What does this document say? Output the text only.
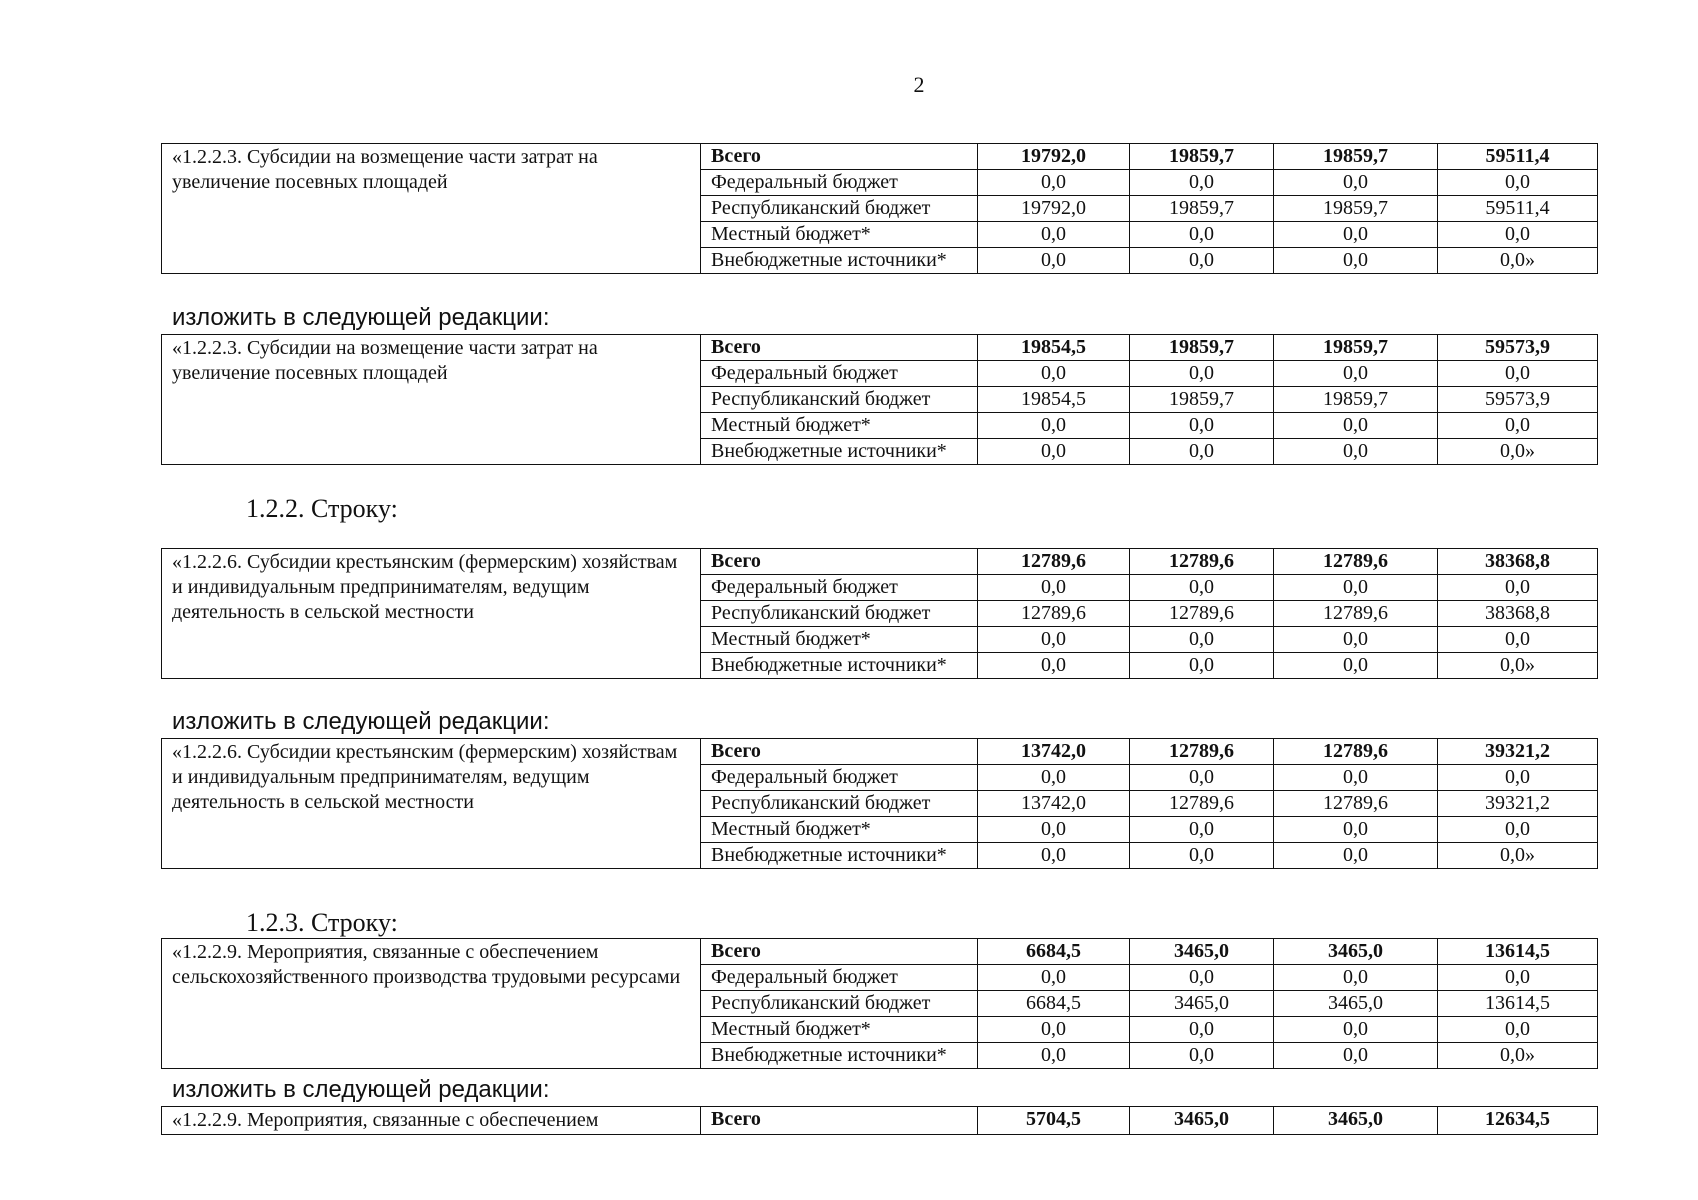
2
«1.2.2.3. Субсидии на возмещение части затрат на увеличение посевных площадей	Всего	19792,0	19859,7	19859,7	59511,4
	Федеральный бюджет	0,0	0,0	0,0	0,0
	Республиканский бюджет	19792,0	19859,7	19859,7	59511,4
	Местный бюджет*	0,0	0,0	0,0	0,0
	Внебюджетные источники*	0,0	0,0	0,0	0,0»
изложить в следующей редакции:
«1.2.2.3. Субсидии на возмещение части затрат на увеличение посевных площадей	Всего	19854,5	19859,7	19859,7	59573,9
	Федеральный бюджет	0,0	0,0	0,0	0,0
	Республиканский бюджет	19854,5	19859,7	19859,7	59573,9
	Местный бюджет*	0,0	0,0	0,0	0,0
	Внебюджетные источники*	0,0	0,0	0,0	0,0»
1.2.2. Строку:
«1.2.2.6. Субсидии крестьянским (фермерским) хозяйствам и индивидуальным предпринимателям, ведущим деятельность в сельской местности	Всего	12789,6	12789,6	12789,6	38368,8
	Федеральный бюджет	0,0	0,0	0,0	0,0
	Республиканский бюджет	12789,6	12789,6	12789,6	38368,8
	Местный бюджет*	0,0	0,0	0,0	0,0
	Внебюджетные источники*	0,0	0,0	0,0	0,0»
изложить в следующей редакции:
«1.2.2.6. Субсидии крестьянским (фермерским) хозяйствам и индивидуальным предпринимателям, ведущим деятельность в сельской местности	Всего	13742,0	12789,6	12789,6	39321,2
	Федеральный бюджет	0,0	0,0	0,0	0,0
	Республиканский бюджет	13742,0	12789,6	12789,6	39321,2
	Местный бюджет*	0,0	0,0	0,0	0,0
	Внебюджетные источники*	0,0	0,0	0,0	0,0»
1.2.3. Строку:
«1.2.2.9. Мероприятия, связанные с обеспечением сельскохозяйственного производства трудовыми ресурсами	Всего	6684,5	3465,0	3465,0	13614,5
	Федеральный бюджет	0,0	0,0	0,0	0,0
	Республиканский бюджет	6684,5	3465,0	3465,0	13614,5
	Местный бюджет*	0,0	0,0	0,0	0,0
	Внебюджетные источники*	0,0	0,0	0,0	0,0»
изложить в следующей редакции:
«1.2.2.9. Мероприятия, связанные с обеспечением	Всего	5704,5	3465,0	3465,0	12634,5
